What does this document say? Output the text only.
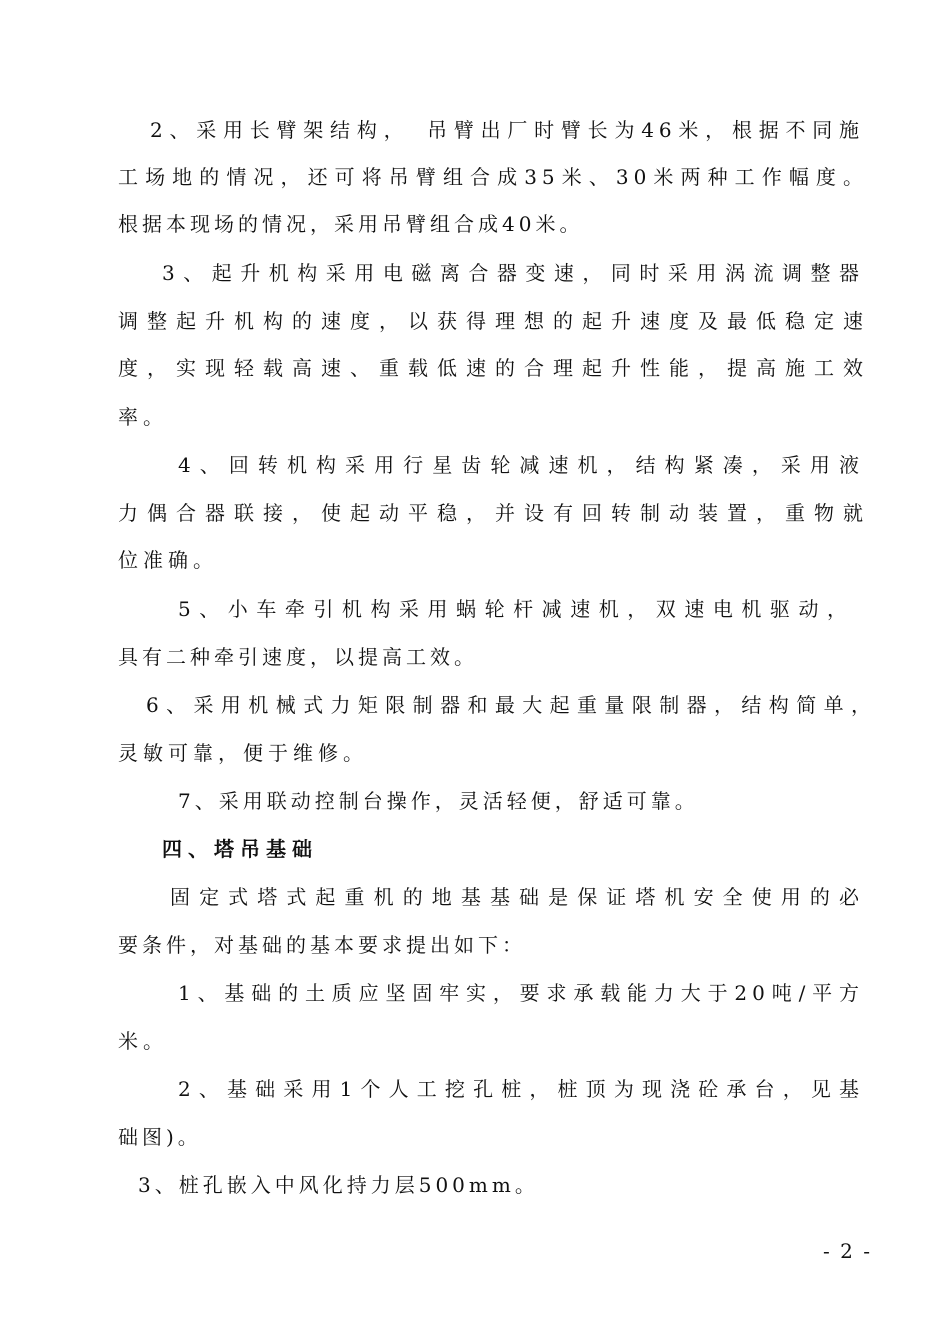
2、采用长臂架结构，　吊臂出厂时臂长为46米，根据不同施
工场地的情况，还可将吊臂组合成35米、30米两种工作幅度。
根据本现场的情况，采用吊臂组合成40米。
3、起升机构采用电磁离合器变速，同时采用涡流调整器
调整起升机构的速度，以获得理想的起升速度及最低稳定速
度，实现轻载高速、重载低速的合理起升性能，提高施工效
率。
4、回转机构采用行星齿轮减速机，结构紧凑，采用液
力偶合器联接，使起动平稳，并设有回转制动装置，重物就
位准确。
5、小车牵引机构采用蜗轮杆减速机，双速电机驱动，
具有二种牵引速度，以提高工效。
6、采用机械式力矩限制器和最大起重量限制器，结构简单，
灵敏可靠，便于维修。
7、采用联动控制台操作，灵活轻便，舒适可靠。
四、塔吊基础
固定式塔式起重机的地基基础是保证塔机安全使用的必
要条件，对基础的基本要求提出如下：
1、基础的土质应坚固牢实，要求承载能力大于20吨/平方
米。
2、基础采用1个人工挖孔桩，桩顶为现浇砼承台，见基
础图)。
3、桩孔嵌入中风化持力层500mm。
- 2 -
